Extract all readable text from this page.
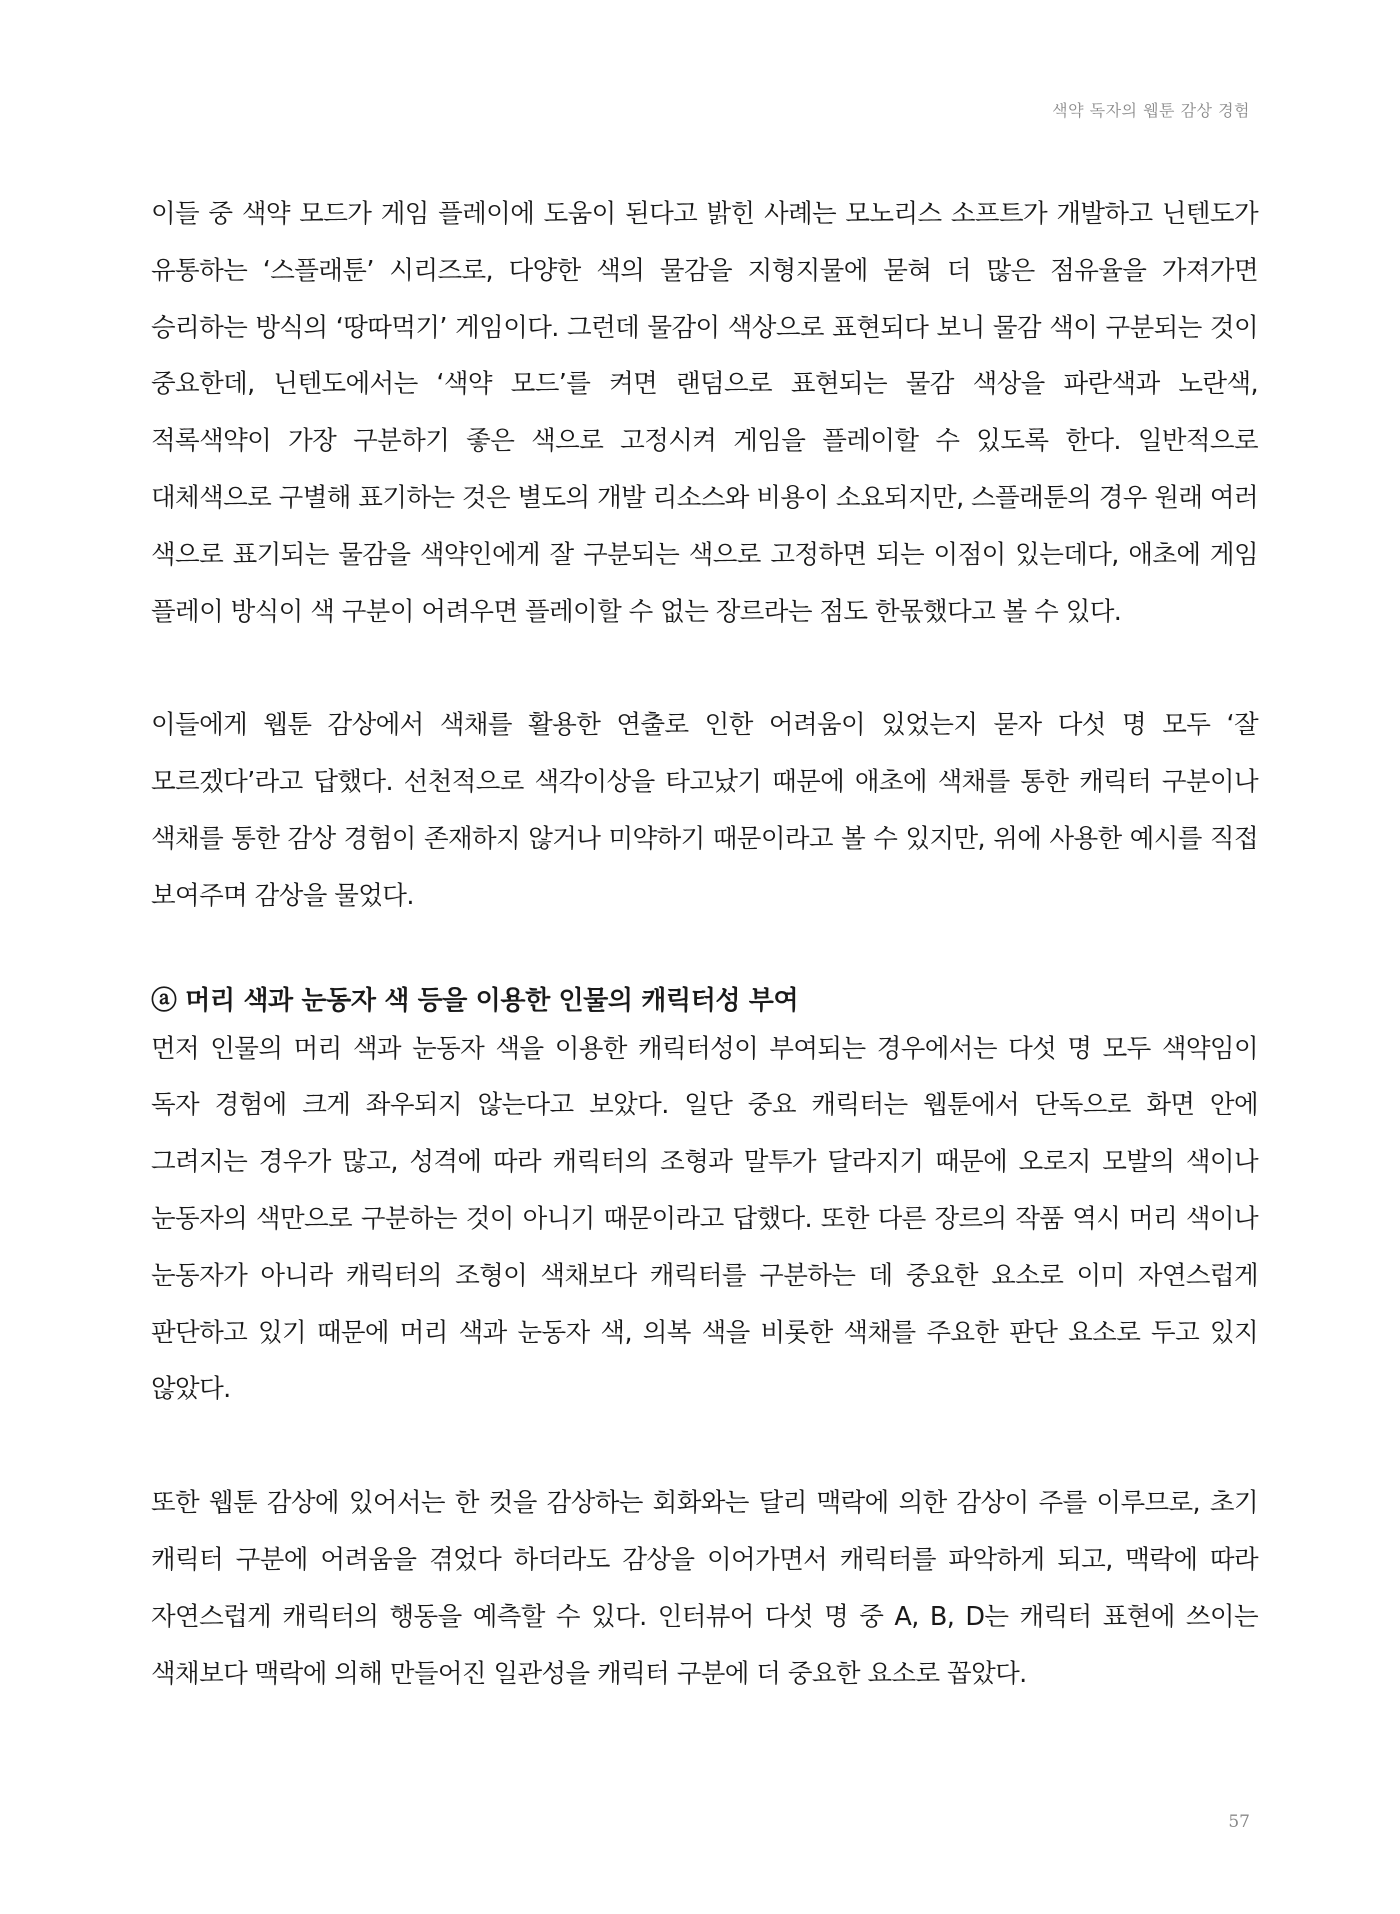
색약 독자의 웹툰 감상 경험

이들 중 색약 모드가 게임 플레이에 도움이 된다고 밝힌 사례는 모노리스 소프트가 개발하고 닌텐도가 유통하는 ‘스플래툰’ 시리즈로, 다양한 색의 물감을 지형지물에 묻혀 더 많은 점유율을 가져가면 승리하는 방식의 ‘땅따먹기’ 게임이다. 그런데 물감이 색상으로 표현되다 보니 물감 색이 구분되는 것이 중요한데, 닌텐도에서는 ‘색약 모드’를 켜면 랜덤으로 표현되는 물감 색상을 파란색과 노란색, 적록색약이 가장 구분하기 좋은 색으로 고정시켜 게임을 플레이할 수 있도록 한다. 일반적으로 대체색으로 구별해 표기하는 것은 별도의 개발 리소스와 비용이 소요되지만, 스플래툰의 경우 원래 여러 색으로 표기되는 물감을 색약인에게 잘 구분되는 색으로 고정하면 되는 이점이 있는데다, 애초에 게임 플레이 방식이 색 구분이 어려우면 플레이할 수 없는 장르라는 점도 한몫했다고 볼 수 있다.

이들에게 웹툰 감상에서 색채를 활용한 연출로 인한 어려움이 있었는지 묻자 다섯 명 모두 ‘잘 모르겠다’라고 답했다. 선천적으로 색각이상을 타고났기 때문에 애초에 색채를 통한 캐릭터 구분이나 색채를 통한 감상 경험이 존재하지 않거나 미약하기 때문이라고 볼 수 있지만, 위에 사용한 예시를 직접 보여주며 감상을 물었다.

ⓐ 머리 색과 눈동자 색 등을 이용한 인물의 캐릭터성 부여

먼저 인물의 머리 색과 눈동자 색을 이용한 캐릭터성이 부여되는 경우에서는 다섯 명 모두 색약임이 독자 경험에 크게 좌우되지 않는다고 보았다. 일단 중요 캐릭터는 웹툰에서 단독으로 화면 안에 그려지는 경우가 많고, 성격에 따라 캐릭터의 조형과 말투가 달라지기 때문에 오로지 모발의 색이나 눈동자의 색만으로 구분하는 것이 아니기 때문이라고 답했다. 또한 다른 장르의 작품 역시 머리 색이나 눈동자가 아니라 캐릭터의 조형이 색채보다 캐릭터를 구분하는 데 중요한 요소로 이미 자연스럽게 판단하고 있기 때문에 머리 색과 눈동자 색, 의복 색을 비롯한 색채를 주요한 판단 요소로 두고 있지 않았다.

또한 웹툰 감상에 있어서는 한 컷을 감상하는 회화와는 달리 맥락에 의한 감상이 주를 이루므로, 초기 캐릭터 구분에 어려움을 겪었다 하더라도 감상을 이어가면서 캐릭터를 파악하게 되고, 맥락에 따라 자연스럽게 캐릭터의 행동을 예측할 수 있다. 인터뷰어 다섯 명 중 A, B, D는 캐릭터 표현에 쓰이는 색채보다 맥락에 의해 만들어진 일관성을 캐릭터 구분에 더 중요한 요소로 꼽았다.

57
